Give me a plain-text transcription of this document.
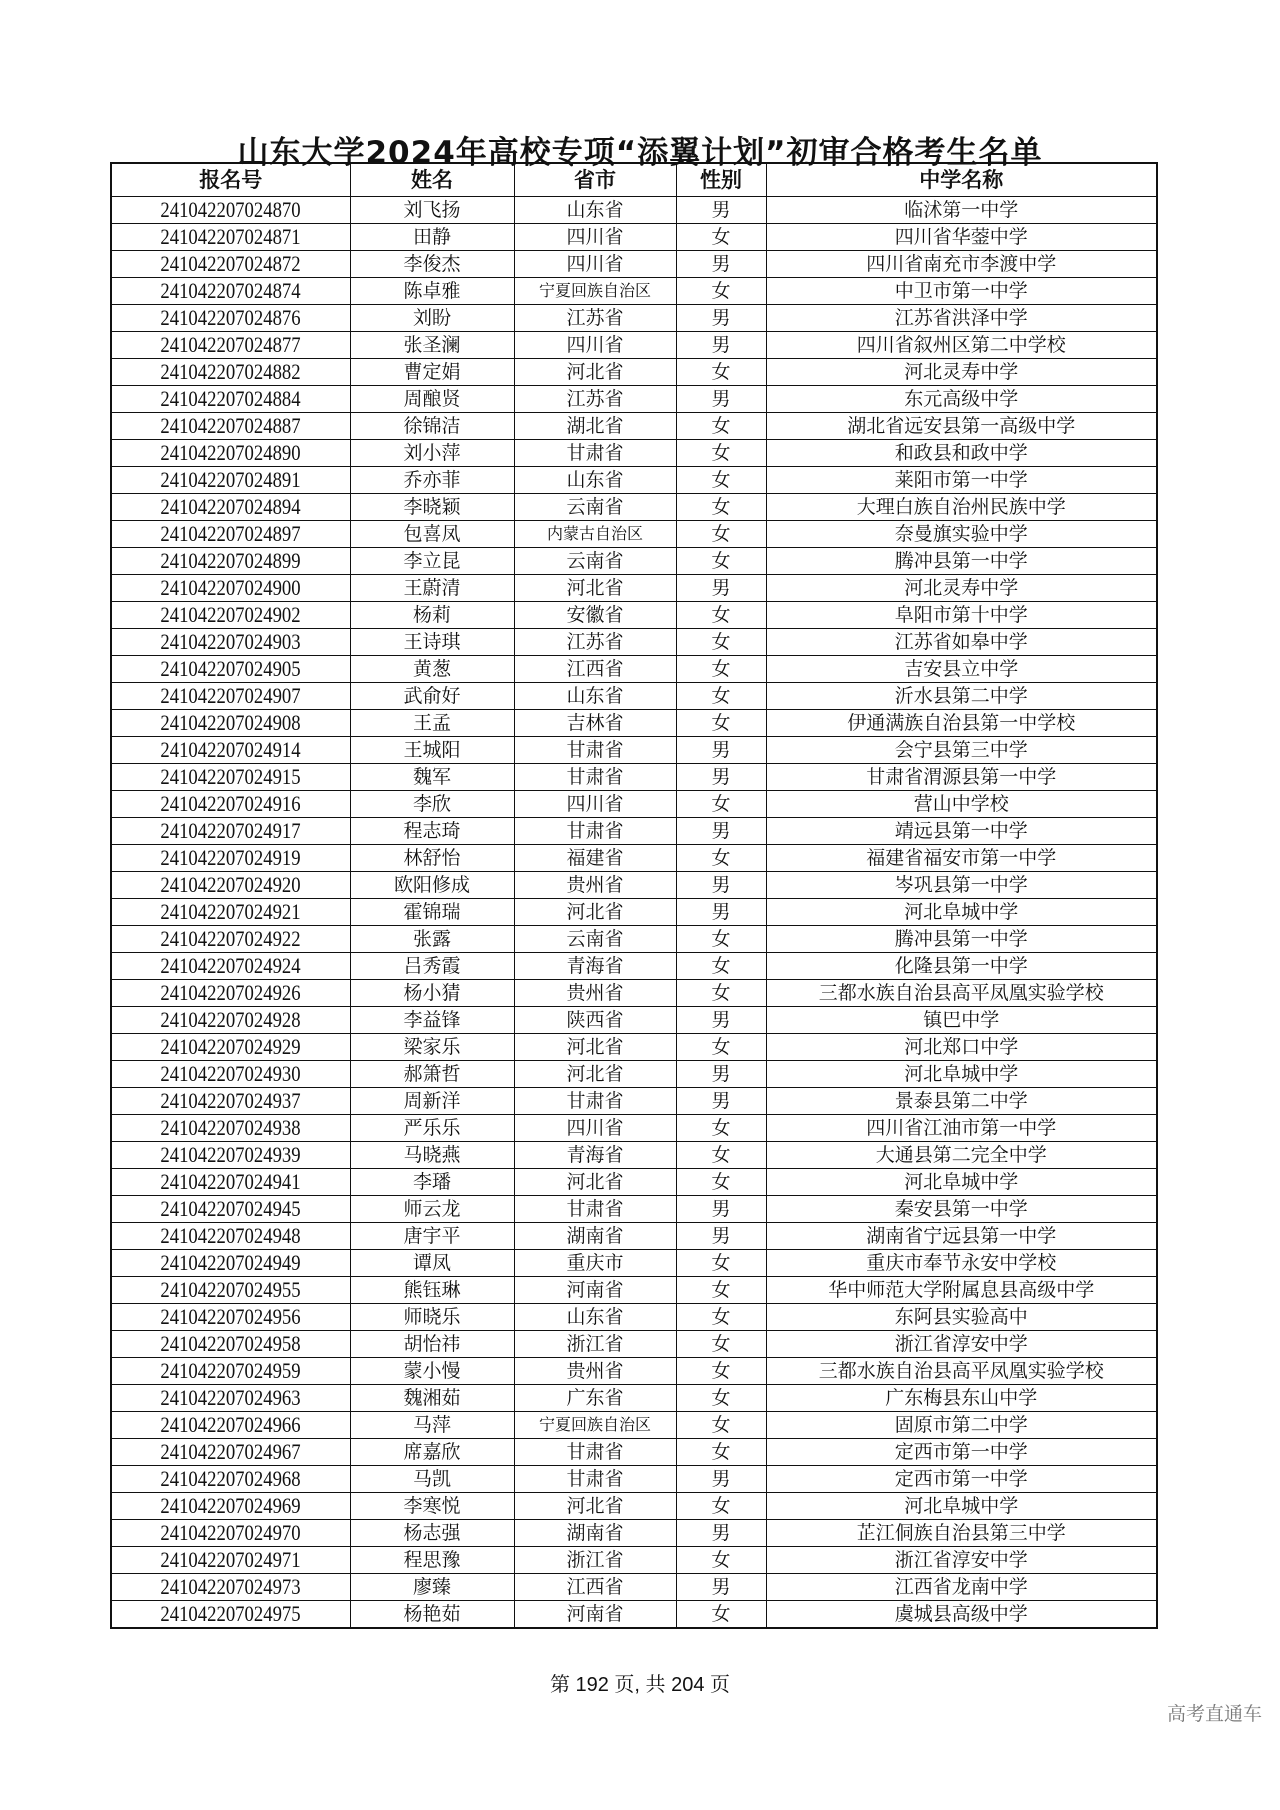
山东大学2024年高校专项“添翼计划”初审合格考生名单
报名号	姓名	省市	性别	中学名称
241042207024870	刘飞扬	山东省	男	临沭第一中学
241042207024871	田静	四川省	女	四川省华蓥中学
241042207024872	李俊杰	四川省	男	四川省南充市李渡中学
241042207024874	陈卓雅	宁夏回族自治区	女	中卫市第一中学
241042207024876	刘盼	江苏省	男	江苏省洪泽中学
241042207024877	张圣澜	四川省	男	四川省叙州区第二中学校
241042207024882	曹定娟	河北省	女	河北灵寿中学
241042207024884	周酿贤	江苏省	男	东元高级中学
241042207024887	徐锦洁	湖北省	女	湖北省远安县第一高级中学
241042207024890	刘小萍	甘肃省	女	和政县和政中学
241042207024891	乔亦菲	山东省	女	莱阳市第一中学
241042207024894	李晓颖	云南省	女	大理白族自治州民族中学
241042207024897	包喜凤	内蒙古自治区	女	奈曼旗实验中学
241042207024899	李立昆	云南省	女	腾冲县第一中学
241042207024900	王蔚清	河北省	男	河北灵寿中学
241042207024902	杨莉	安徽省	女	阜阳市第十中学
241042207024903	王诗琪	江苏省	女	江苏省如皋中学
241042207024905	黄葱	江西省	女	吉安县立中学
241042207024907	武俞好	山东省	女	沂水县第二中学
241042207024908	王孟	吉林省	女	伊通满族自治县第一中学校
241042207024914	王城阳	甘肃省	男	会宁县第三中学
241042207024915	魏军	甘肃省	男	甘肃省渭源县第一中学
241042207024916	李欣	四川省	女	营山中学校
241042207024917	程志琦	甘肃省	男	靖远县第一中学
241042207024919	林舒怡	福建省	女	福建省福安市第一中学
241042207024920	欧阳修成	贵州省	男	岑巩县第一中学
241042207024921	霍锦瑞	河北省	男	河北阜城中学
241042207024922	张露	云南省	女	腾冲县第一中学
241042207024924	吕秀霞	青海省	女	化隆县第一中学
241042207024926	杨小猜	贵州省	女	三都水族自治县高平凤凰实验学校
241042207024928	李益锋	陕西省	男	镇巴中学
241042207024929	梁家乐	河北省	女	河北郑口中学
241042207024930	郝箫哲	河北省	男	河北阜城中学
241042207024937	周新洋	甘肃省	男	景泰县第二中学
241042207024938	严乐乐	四川省	女	四川省江油市第一中学
241042207024939	马晓燕	青海省	女	大通县第二完全中学
241042207024941	李璠	河北省	女	河北阜城中学
241042207024945	师云龙	甘肃省	男	秦安县第一中学
241042207024948	唐宇平	湖南省	男	湖南省宁远县第一中学
241042207024949	谭凤	重庆市	女	重庆市奉节永安中学校
241042207024955	熊钰琳	河南省	女	华中师范大学附属息县高级中学
241042207024956	师晓乐	山东省	女	东阿县实验高中
241042207024958	胡怡祎	浙江省	女	浙江省淳安中学
241042207024959	蒙小慢	贵州省	女	三都水族自治县高平凤凰实验学校
241042207024963	魏湘茹	广东省	女	广东梅县东山中学
241042207024966	马萍	宁夏回族自治区	女	固原市第二中学
241042207024967	席嘉欣	甘肃省	女	定西市第一中学
241042207024968	马凯	甘肃省	男	定西市第一中学
241042207024969	李寒悦	河北省	女	河北阜城中学
241042207024970	杨志强	湖南省	男	芷江侗族自治县第三中学
241042207024971	程思豫	浙江省	女	浙江省淳安中学
241042207024973	廖臻	江西省	男	江西省龙南中学
241042207024975	杨艳茹	河南省	女	虞城县高级中学
第 192 页, 共 204 页
高考直通车
